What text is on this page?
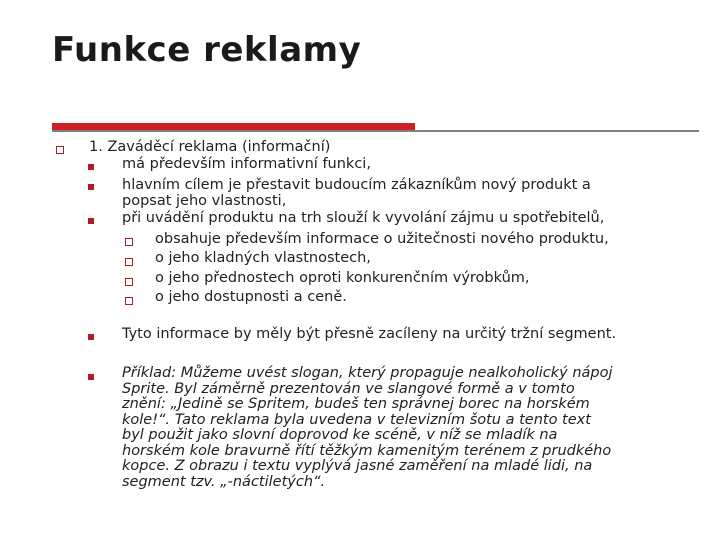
Funkce reklamy
1. Zaváděcí reklama (informační)
má především informativní funkci,
hlavním cílem je přestavit budoucím zákazníkům nový produkt a
popsat jeho vlastnosti,
při uvádění produktu na trh slouží k vyvolání zájmu u spotřebitelů,
obsahuje především informace o užitečnosti nového produktu,
o jeho kladných vlastnostech,
o jeho přednostech oproti konkurenčním výrobkům,
o jeho dostupnosti a ceně.
Tyto informace by měly být přesně zacíleny na určitý tržní segment.
Příklad: Můžeme uvést slogan, který propaguje nealkoholický nápoj
Sprite. Byl záměrně prezentován ve slangové formě a v tomto
znění: „Jedině se Spritem, budeš ten správnej borec na horském
kole!“. Tato reklama byla uvedena v televizním šotu a tento text
byl použit jako slovní doprovod ke scéně, v níž se mladík na
horském kole bravurně řítí těžkým kamenitým terénem z prudkého
kopce. Z obrazu i textu vyplývá jasné zaměření na mladé lidi, na
segment tzv. „-náctiletých“.
